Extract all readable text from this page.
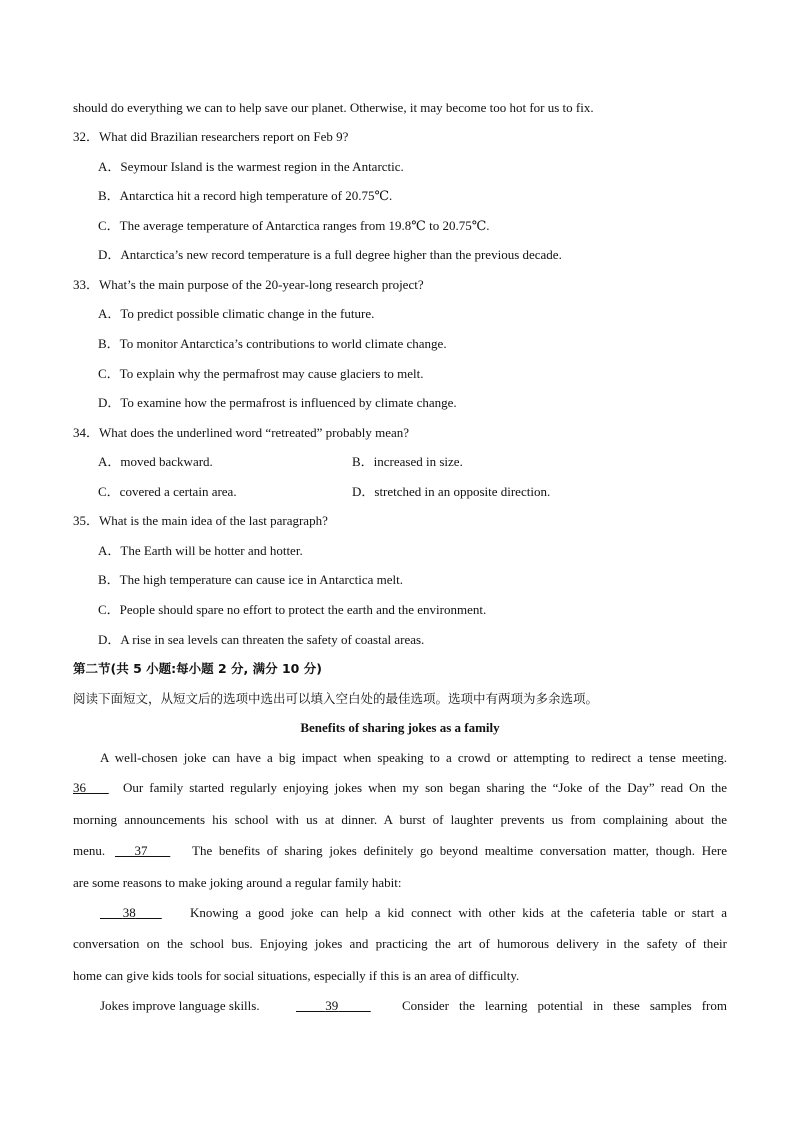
should do everything we can to help save our planet. Otherwise, it may become too hot for us to fix.
32．What did Brazilian researchers report on Feb 9?
A．Seymour Island is the warmest region in the Antarctic.
B．Antarctica hit a record high temperature of 20.75℃.
C．The average temperature of Antarctica ranges from 19.8℃ to 20.75℃.
D．Antarctica’s new record temperature is a full degree higher than the previous decade.
33．What’s the main purpose of the 20-year-long research project?
A．To predict possible climatic change in the future.
B．To monitor Antarctica’s contributions to world climate change.
C．To explain why the permafrost may cause glaciers to melt.
D．To examine how the permafrost is influenced by climate change.
34．What does the underlined word “retreated” probably mean?
A．moved backward.	B．increased in size.
C．covered a certain area.	D．stretched in an opposite direction.
35．What is the main idea of the last paragraph?
A．The Earth will be hotter and hotter.
B．The high temperature can cause ice in Antarctica melt.
C．People should spare no effort to protect the earth and the environment.
D．A rise in sea levels can threaten the safety of coastal areas.
第二节(共 5 小题:每小题 2 分, 满分 10 分)
阅读下面短文，从短文后的选项中选出可以填入空白处的最佳选项。选项中有两项为多余选项。
Benefits of sharing jokes as a family
A well-chosen joke can have a big impact when speaking to a crowd or attempting to redirect a tense meeting.
36	Our family started regularly enjoying jokes when my son began sharing the “Joke of the Day” read On the
morning announcements his school with us at dinner. A burst of laughter prevents us from complaining about the
menu.	37	The benefits of sharing jokes definitely go beyond mealtime conversation matter, though. Here
are some reasons to make joking around a regular family habit:
38	Knowing a good joke can help a kid connect with other kids at the cafeteria table or start a
conversation on the school bus. Enjoying jokes and practicing the art of humorous delivery in the safety of their
home can give kids tools for social situations, especially if this is an area of difficulty.
Jokes improve language skills.	39	Consider the learning potential in these samples from
